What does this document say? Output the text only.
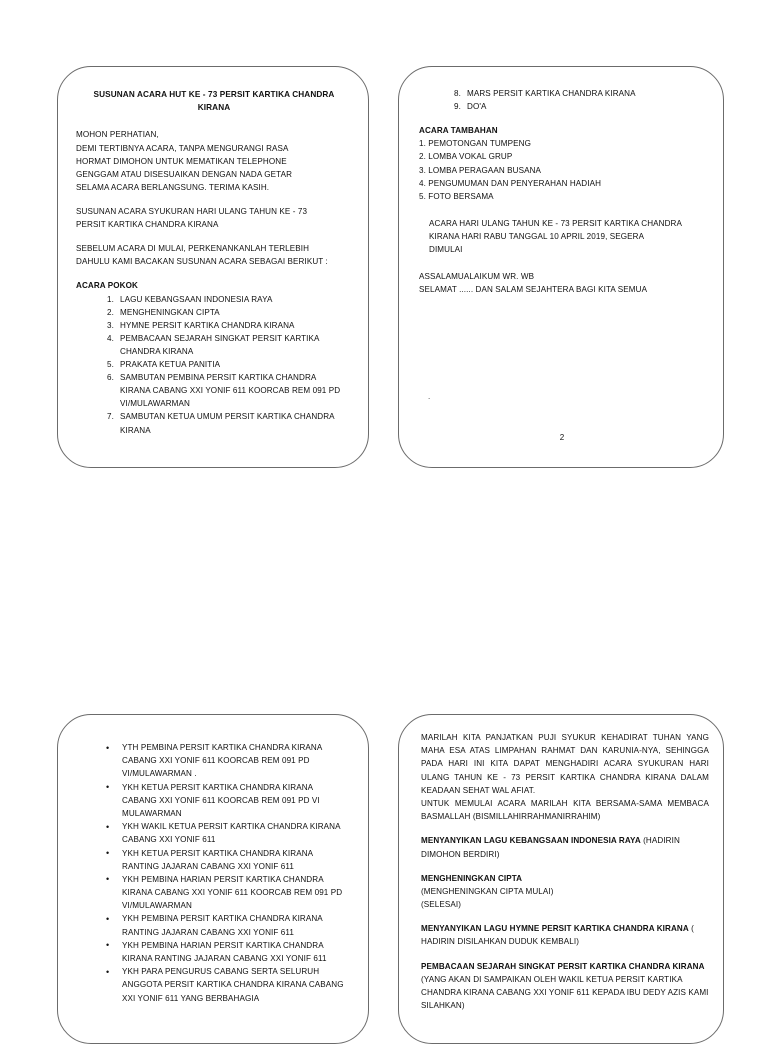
SUSUNAN ACARA HUT KE - 73 PERSIT KARTIKA CHANDRA KIRANA
MOHON PERHATIAN,
DEMI TERTIBNYA ACARA, TANPA MENGURANGI RASA
HORMAT DIMOHON UNTUK MEMATIKAN TELEPHONE
GENGGAM ATAU DISESUAIKAN DENGAN NADA GETAR
SELAMA ACARA BERLANGSUNG. TERIMA KASIH.
SUSUNAN ACARA SYUKURAN HARI ULANG TAHUN KE - 73
PERSIT KARTIKA CHANDRA KIRANA
SEBELUM ACARA DI MULAI, PERKENANKANLAH TERLEBIH
DAHULU KAMI BACAKAN SUSUNAN ACARA SEBAGAI BERIKUT :
ACARA POKOK
1. LAGU KEBANGSAAN INDONESIA RAYA
2. MENGHENINGKAN CIPTA
3. HYMNE PERSIT KARTIKA CHANDRA KIRANA
4. PEMBACAAN SEJARAH SINGKAT PERSIT KARTIKA
CHANDRA KIRANA
5. PRAKATA KETUA PANITIA
6. SAMBUTAN PEMBINA PERSIT KARTIKA CHANDRA
KIRANA CABANG XXI YONIF 611 KOORCAB REM 091 PD
VI/MULAWARMAN
7. SAMBUTAN KETUA UMUM PERSIT KARTIKA CHANDRA
KIRANA
8. MARS PERSIT KARTIKA CHANDRA KIRANA
9. DO'A
ACARA TAMBAHAN
1. PEMOTONGAN TUMPENG
2. LOMBA VOKAL GRUP
3. LOMBA PERAGAAN BUSANA
4. PENGUMUMAN DAN PENYERAHAN HADIAH
5. FOTO BERSAMA
ACARA HARI ULANG TAHUN KE - 73 PERSIT KARTIKA CHANDRA
KIRANA HARI RABU TANGGAL 10 APRIL 2019, SEGERA
DIMULAI
ASSALAMUALAIKUM WR. WB
SELAMAT ...... DAN SALAM SEJAHTERA BAGI KITA SEMUA
.
2
• YTH PEMBINA PERSIT KARTIKA CHANDRA KIRANA
CABANG XXI YONIF 611 KOORCAB REM 091 PD
VI/MULAWARMAN .
• YKH KETUA PERSIT KARTIKA CHANDRA KIRANA
CABANG XXI YONIF 611 KOORCAB REM 091 PD VI
MULAWARMAN
• YKH WAKIL KETUA PERSIT KARTIKA CHANDRA KIRANA
CABANG XXI YONIF 611
• YKH KETUA PERSIT KARTIKA CHANDRA KIRANA
RANTING JAJARAN CABANG XXI YONIF 611
• YKH PEMBINA HARIAN PERSIT KARTIKA CHANDRA
KIRANA CABANG XXI YONIF 611 KOORCAB REM 091 PD
VI/MULAWARMAN
• YKH PEMBINA PERSIT KARTIKA CHANDRA KIRANA
RANTING JAJARAN CABANG XXI YONIF 611
• YKH PEMBINA HARIAN PERSIT KARTIKA CHANDRA
KIRANA RANTING JAJARAN CABANG XXI YONIF 611
• YKH PARA PENGURUS CABANG SERTA SELURUH
ANGGOTA PERSIT KARTIKA CHANDRA KIRANA CABANG
XXI YONIF 611 YANG BERBAHAGIA
MARILAH KITA PANJATKAN PUJI SYUKUR KEHADIRAT TUHAN YANG MAHA ESA ATAS LIMPAHAN RAHMAT DAN KARUNIA-NYA, SEHINGGA PADA HARI INI KITA DAPAT MENGHADIRI ACARA SYUKURAN HARI ULANG TAHUN KE - 73 PERSIT KARTIKA CHANDRA KIRANA DALAM KEADAAN SEHAT WAL AFIAT.
UNTUK MEMULAI ACARA MARILAH KITA BERSAMA-SAMA MEMBACA BASMALLAH (BISMILLAHIRRAHMANIRRAHIM)
MENYANYIKAN LAGU KEBANGSAAN INDONESIA RAYA (HADIRIN DIMOHON BERDIRI)
MENGHENINGKAN CIPTA
(MENGHENINGKAN CIPTA MULAI)
(SELESAI)
MENYANYIKAN LAGU HYMNE PERSIT KARTIKA CHANDRA KIRANA ( HADIRIN DISILAHKAN DUDUK KEMBALI)
PEMBACAAN SEJARAH SINGKAT PERSIT KARTIKA CHANDRA KIRANA (YANG AKAN DI SAMPAIKAN OLEH WAKIL KETUA PERSIT KARTIKA CHANDRA KIRANA CABANG XXI YONIF 611 KEPADA IBU DEDY AZIS KAMI SILAHKAN)
